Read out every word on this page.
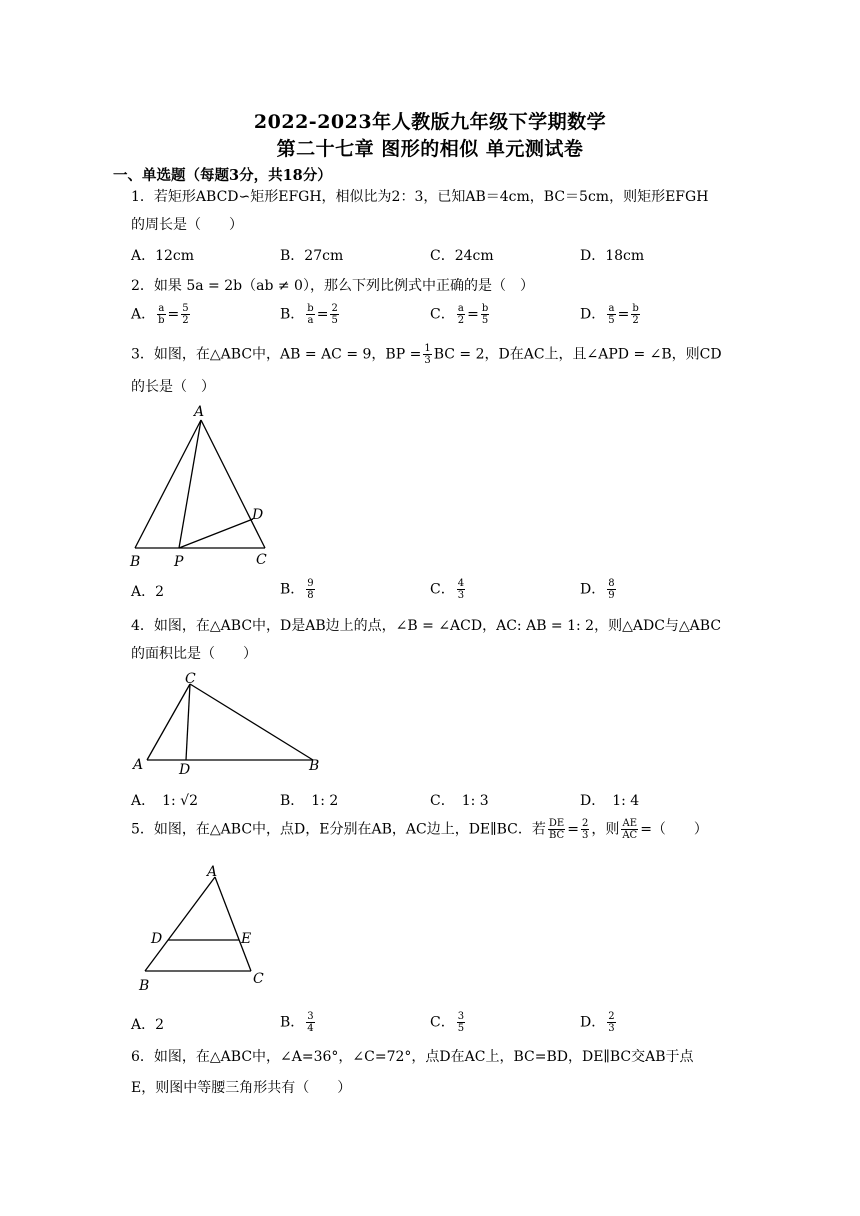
2022-2023年人教版九年级下学期数学
第二十七章 图形的相似 单元测试卷
一、单选题（每题3分，共18分）
1．若矩形ABCD∽矩形EFGH，相似比为2：3，已知AB＝4cm，BC＝5cm，则矩形EFGH
的周长是（　　）
A．12cm	B．27cm	C．24cm	D．18cm
2．如果 5a = 2b（ab ≠ 0），那么下列比例式中正确的是（　）
A． $\frac{a}{b} = \frac{5}{2}$	B． $\frac{b}{a} = \frac{2}{5}$	C． $\frac{a}{2} = \frac{b}{5}$	D． $\frac{a}{5} = \frac{b}{2}$
3．如图，在△ABC中，AB = AC = 9，BP = $\frac{1}{3}$ BC = 2，D在AC上，且∠APD = ∠B，则CD
的长是（　）
A
B P	C
D
A．2	B． $\frac{9}{8}$	C． $\frac{4}{3}$	D． $\frac{8}{9}$
4．如图，在△ABC中，D是AB边上的点，∠B = ∠ACD，AC: AB = 1: 2，则△ADC与△ABC
的面积比是（　　）
C
A	D	B
A．　1: √2	B．　1: 2	C．　1: 3	D．　1: 4
5．如图，在△ABC中，点D，E分别在AB，AC边上，DE∥BC．若 $\frac{DE}{BC} = \frac{2}{3}$ ，则 $\frac{AE}{AC}$ =（　　）
A
D	E
B	C
A．2	B． $\frac{3}{4}$	C． $\frac{3}{5}$	D． $\frac{2}{3}$
6．如图，在△ABC中，∠A=36°，∠C=72°，点D在AC上，BC=BD，DE∥BC交AB于点
E，则图中等腰三角形共有（　　）
